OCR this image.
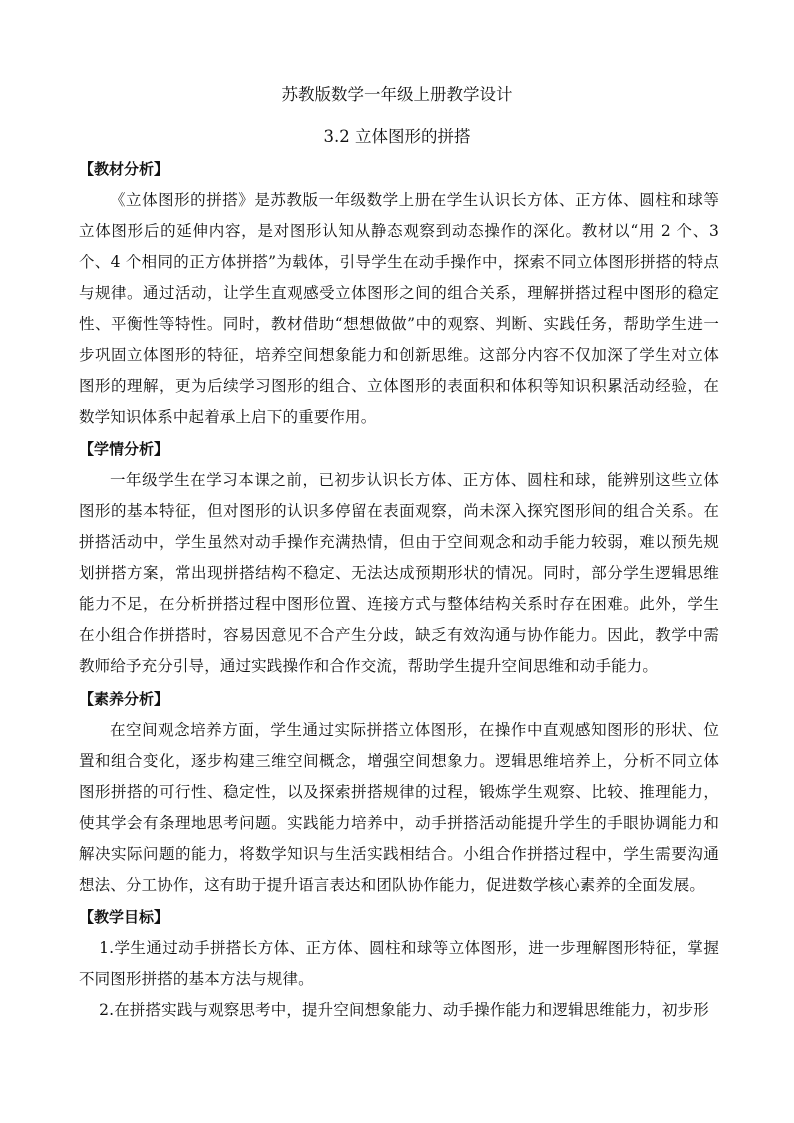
苏教版数学一年级上册教学设计
3.2 立体图形的拼搭

【教材分析】

《立体图形的拼搭》是苏教版一年级数学上册在学生认识长方体、正方体、圆柱和球等立体图形后的延伸内容，是对图形认知从静态观察到动态操作的深化。教材以“用 2 个、3 个、4 个相同的正方体拼搭”为载体，引导学生在动手操作中，探索不同立体图形拼搭的特点与规律。通过活动，让学生直观感受立体图形之间的组合关系，理解拼搭过程中图形的稳定性、平衡性等特性。同时，教材借助“想想做做”中的观察、判断、实践任务，帮助学生进一步巩固立体图形的特征，培养空间想象能力和创新思维。这部分内容不仅加深了学生对立体图形的理解，更为后续学习图形的组合、立体图形的表面积和体积等知识积累活动经验，在数学知识体系中起着承上启下的重要作用。

【学情分析】

一年级学生在学习本课之前，已初步认识长方体、正方体、圆柱和球，能辨别这些立体图形的基本特征，但对图形的认识多停留在表面观察，尚未深入探究图形间的组合关系。在拼搭活动中，学生虽然对动手操作充满热情，但由于空间观念和动手能力较弱，难以预先规划拼搭方案，常出现拼搭结构不稳定、无法达成预期形状的情况。同时，部分学生逻辑思维能力不足，在分析拼搭过程中图形位置、连接方式与整体结构关系时存在困难。此外，学生在小组合作拼搭时，容易因意见不合产生分歧，缺乏有效沟通与协作能力。因此，教学中需教师给予充分引导，通过实践操作和合作交流，帮助学生提升空间思维和动手能力。

【素养分析】

在空间观念培养方面，学生通过实际拼搭立体图形，在操作中直观感知图形的形状、位置和组合变化，逐步构建三维空间概念，增强空间想象力。逻辑思维培养上，分析不同立体图形拼搭的可行性、稳定性，以及探索拼搭规律的过程，锻炼学生观察、比较、推理能力，使其学会有条理地思考问题。实践能力培养中，动手拼搭活动能提升学生的手眼协调能力和解决实际问题的能力，将数学知识与生活实践相结合。小组合作拼搭过程中，学生需要沟通想法、分工协作，这有助于提升语言表达和团队协作能力，促进数学核心素养的全面发展。

【教学目标】

1.学生通过动手拼搭长方体、正方体、圆柱和球等立体图形，进一步理解图形特征，掌握不同图形拼搭的基本方法与规律。

2.在拼搭实践与观察思考中，提升空间想象能力、动手操作能力和逻辑思维能力，初步形
